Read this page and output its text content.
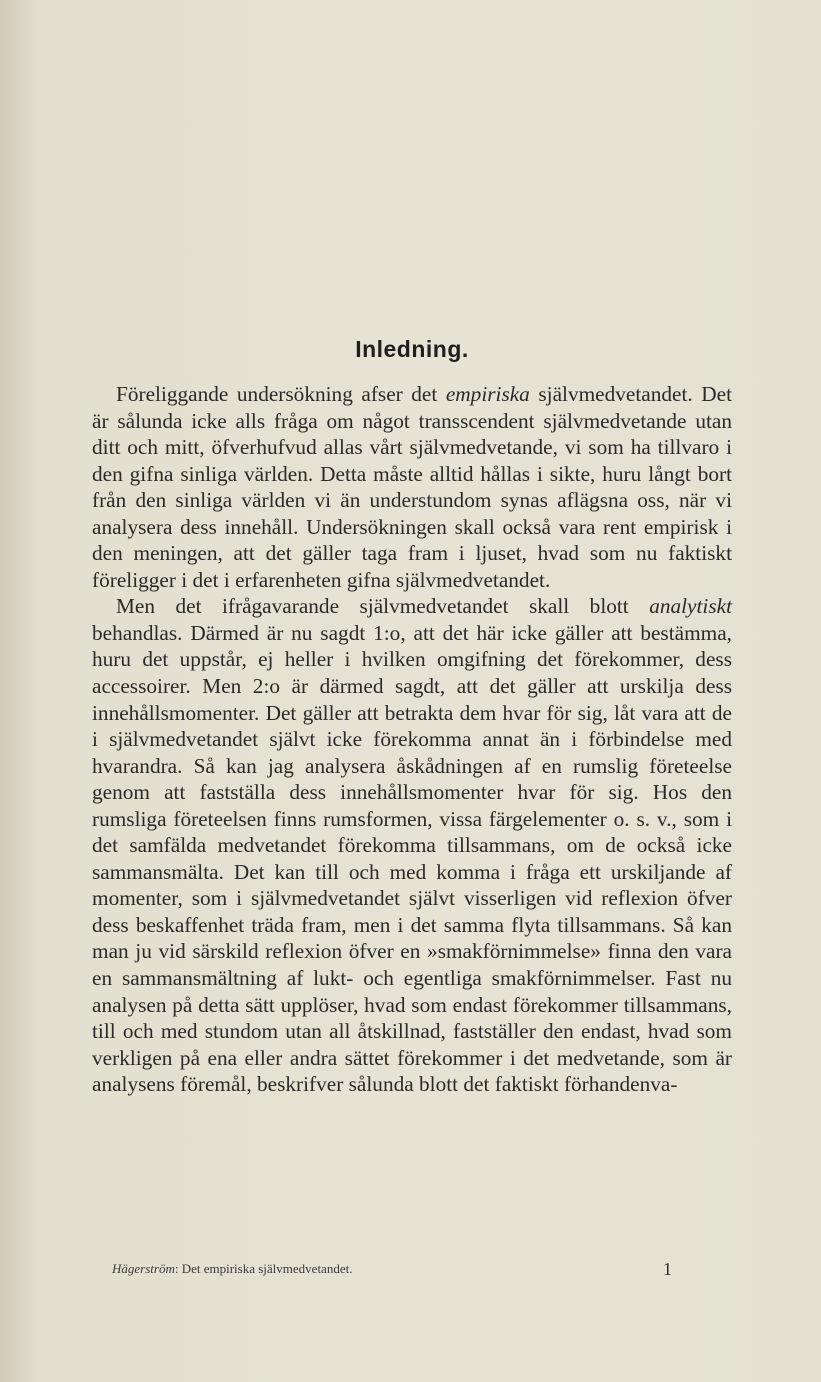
Inledning.

Föreliggande undersökning afser det empiriska självmedvetandet. Det är sålunda icke alls fråga om något transscendent självmedvetande utan ditt och mitt, öfverhufvud allas vårt självmedvetande, vi som ha tillvaro i den gifna sinliga världen. Detta måste alltid hållas i sikte, huru långt bort från den sinliga världen vi än understundom synas aflägsna oss, när vi analysera dess innehåll. Undersökningen skall också vara rent empirisk i den meningen, att det gäller taga fram i ljuset, hvad som nu faktiskt föreligger i det i erfarenheten gifna självmedvetandet.

Men det ifrågavarande självmedvetandet skall blott analytiskt behandlas. Därmed är nu sagdt 1:o, att det här icke gäller att bestämma, huru det uppstår, ej heller i hvilken omgifning det förekommer, dess accessoirer. Men 2:o är därmed sagdt, att det gäller att urskilja dess innehållsmomenter. Det gäller att betrakta dem hvar för sig, låt vara att de i självmedvetandet självt icke förekomma annat än i förbindelse med hvarandra. Så kan jag analysera åskådningen af en rumslig företeelse genom att fastställa dess innehållsmomenter hvar för sig. Hos den rumsliga företeelsen finns rumsformen, vissa färgelementer o. s. v., som i det samfälda medvetandet förekomma tillsammans, om de också icke sammansmälta. Det kan till och med komma i fråga ett urskiljande af momenter, som i självmedvetandet självt visserligen vid reflexion öfver dess beskaffenhet träda fram, men i det samma flyta tillsammans. Så kan man ju vid särskild reflexion öfver en »smakförnimmelse» finna den vara en sammansmältning af lukt- och egentliga smakförnimmelser. Fast nu analysen på detta sätt upplöser, hvad som endast förekommer tillsammans, till och med stundom utan all åtskillnad, fastställer den endast, hvad som verkligen på ena eller andra sättet förekommer i det medvetande, som är analysens föremål, beskrifver sålunda blott det faktiskt förhandenva-

Hägerström: Det empiriska självmedvetandet.	1
